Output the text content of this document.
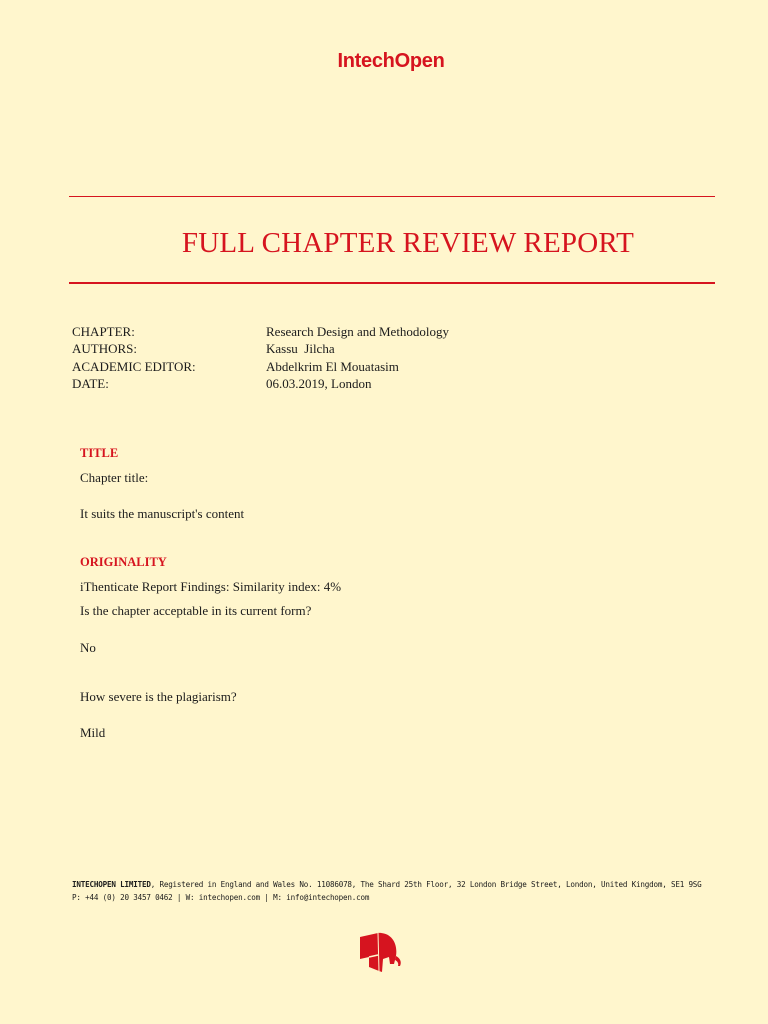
IntechOpen
FULL CHAPTER REVIEW REPORT
CHAPTER:	Research Design and Methodology
AUTHORS:	Kassu  Jilcha
ACADEMIC EDITOR:	Abdelkrim El Mouatasim
DATE:	06.03.2019, London
TITLE
Chapter title:
It suits the manuscript's content
ORIGINALITY
iThenticate Report Findings: Similarity index: 4%
Is the chapter acceptable in its current form?
No
How severe is the plagiarism?
Mild
INTECHOPEN LIMITED, Registered in England and Wales No. 11086078, The Shard 25th Floor, 32 London Bridge Street, London, United Kingdom, SE1 9SG
P: +44 (0) 20 3457 0462 | W: intechopen.com | M: info@intechopen.com
